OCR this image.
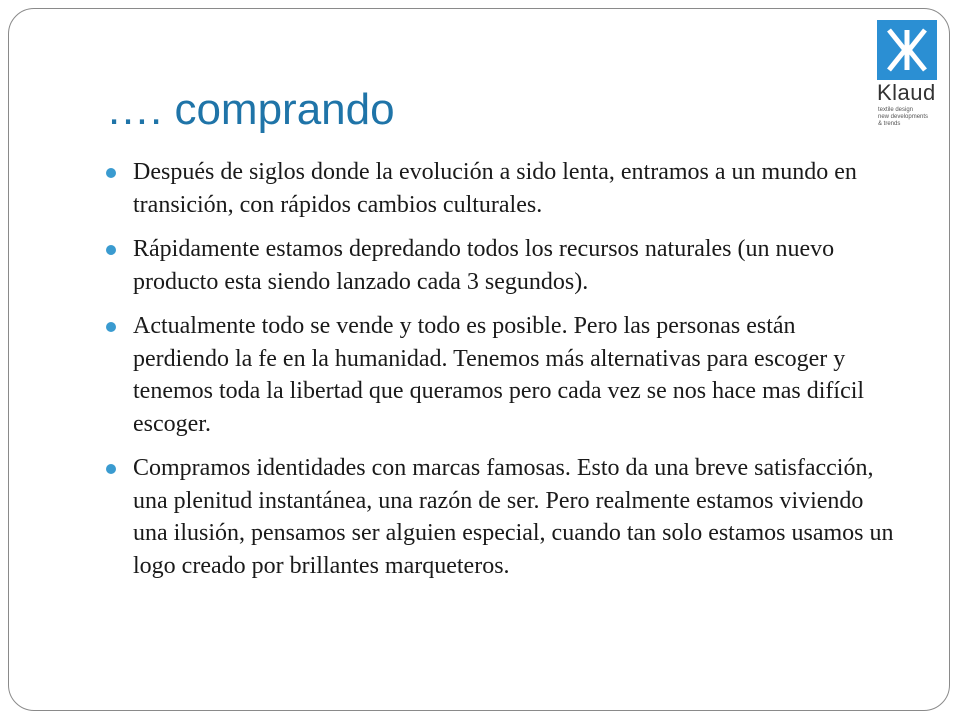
Klaud
textile design
new developments
& trends
…. comprando
Después de siglos donde la evolución a sido lenta, entramos a un mundo en transición, con rápidos cambios culturales.
Rápidamente estamos depredando todos los recursos naturales (un nuevo producto esta siendo lanzado cada 3 segundos).
Actualmente todo se vende y todo es posible. Pero las personas están perdiendo la fe en la humanidad. Tenemos más alternativas para escoger y tenemos toda la libertad que queramos pero cada vez se nos hace mas difícil escoger.
Compramos identidades con marcas famosas. Esto da una breve satisfacción, una plenitud instantánea, una razón de ser. Pero realmente estamos viviendo una ilusión, pensamos ser alguien especial, cuando tan solo estamos usamos un logo creado por brillantes marqueteros.
